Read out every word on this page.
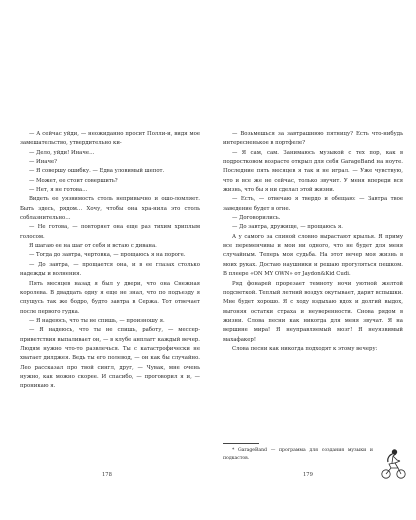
— А сейчас уйди, — неожиданно просит Полли-и, видя мое замешательство, утвердительно ки-

— Дело, уйди! Иначе…

— Иначе?

— Я совершу ошибку. — Едва уловимый шепот.

— Может, ее стоит совершить?

— Нет, я не готова…

Видеть ее уязвимость столь непривычно и ошо-ломляет. Быть здесь, рядом… Хочу, чтобы она хра-нила это столь соблазнительно…

— Не готова, — повторяет она еще раз тихим хриплым голосом.

Я шагаю ее на шаг от себя и встаю с дивана.

— Тогда до завтра, чертовка, — прощаюсь я на пороге.

— До завтра, — прощается она, и в ее глазах столько надежды и волнения.

Пять месяцев назад я был у двери, что она Снежная королева. В двадцать одну я еще не знал, что по подъезду я спущусь так же бодро, будто завтра в Сержа. Тот отвечает после первого гудка.

— Я надеюсь, что ты не спишь, — произношу я.

— Я надеюсь, что ты не спишь, работу, — мессер-приветствия выпаливает он, — в клубе анплагг каждый вечер. Людям нужно что-то развлечься. Ты с катастрофически не хватает дилджея. Ведь ты его полевод, — он как бы случайно. Лео рассказал про твой сингл, друг, — Чувак, мне очень нужно, как можно скорее. И спасибо, — проговорил я и, — проникаю я.

178

— Возьмешься за завтрашнюю пятницу? Есть что-нибудь интересненькое в портфеле?

— Я сам, сам. Занимаюсь музыкой с тех пор, как в подростковом возрасте открыл для себя GarageBand на ноуте. Последние пять месяцев я так и не играл. — Уже чувствую, что и все же не сейчас, только звучит. У меня впереди вся жизнь, что бы я ни сделал этой жизни.

— Есть, — отвечаю я твердо и обещаю: — Завтра твое заведение будет в огне.

— Договорились.

— До завтра, дружище, — прощаюсь я.

А у самого за спиной словно вырастают крылья. Я приму все переменчивы и мои ни одного, что не будет для меня случайным. Теперь моя судьба. На этот вечер моя жизнь в моих руках. Достаю наушники и решаю прогуляться пешком. В плеере «ON MY OWN» от Jaydon&Kid Cudi.

Ряд фонарей прорезает темноту ночи уютной желтой подсветкой. Теплый летний воздух окутывает, дарит вспышки. Мне будет хорошо. Я с ходу вздыхаю вдох и долгий выдох, выгоняя остатки страха и неуверенности. Снова рядом в жизни. Слова песни как никогда для меня звучат. Я на вершине мира! Я неуправляемый мозг! Я неуязвимый махафакер!

Слова песни как никогда подходят к этому вечеру:

* GarageBand — программа для создания музыки и подкастов.

179
